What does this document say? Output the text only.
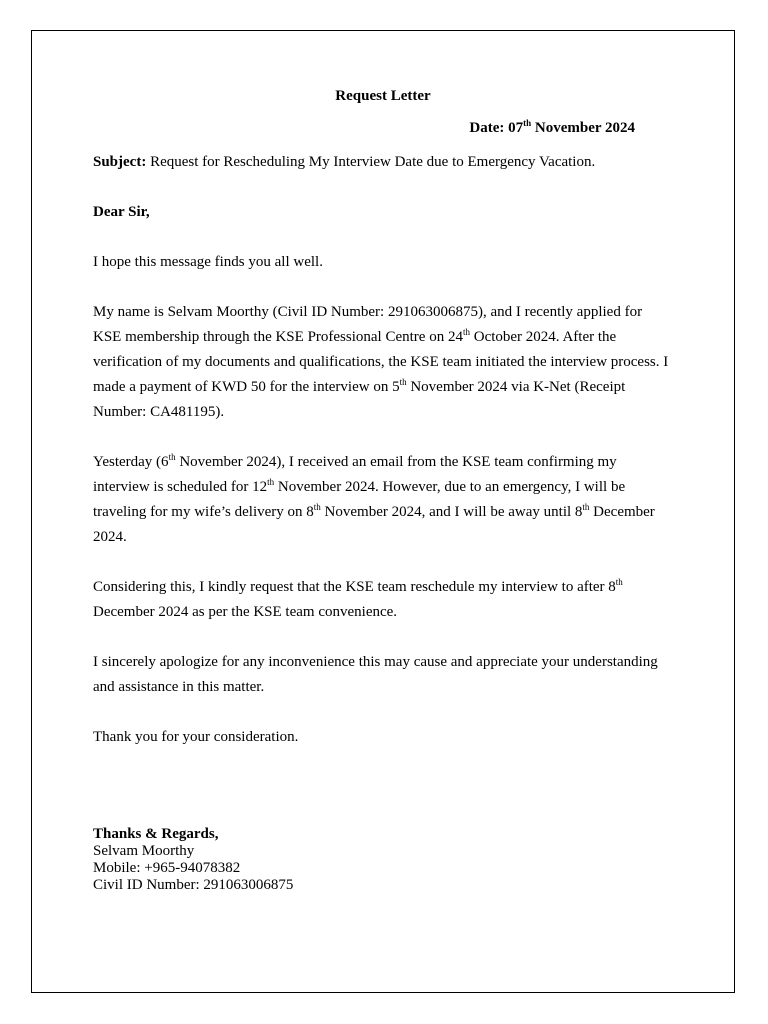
Request Letter

Date: 07th November 2024

Subject: Request for Rescheduling My Interview Date due to Emergency Vacation.

Dear Sir,

I hope this message finds you all well.

My name is Selvam Moorthy (Civil ID Number: 291063006875), and I recently applied for KSE membership through the KSE Professional Centre on 24th October 2024. After the verification of my documents and qualifications, the KSE team initiated the interview process. I made a payment of KWD 50 for the interview on 5th November 2024 via K-Net (Receipt Number: CA481195).

Yesterday (6th November 2024), I received an email from the KSE team confirming my interview is scheduled for 12th November 2024. However, due to an emergency, I will be traveling for my wife’s delivery on 8th November 2024, and I will be away until 8th December 2024.

Considering this, I kindly request that the KSE team reschedule my interview to after 8th December 2024 as per the KSE team convenience.

I sincerely apologize for any inconvenience this may cause and appreciate your understanding and assistance in this matter.

Thank you for your consideration.

Thanks & Regards,
Selvam Moorthy
Mobile: +965-94078382
Civil ID Number: 291063006875
